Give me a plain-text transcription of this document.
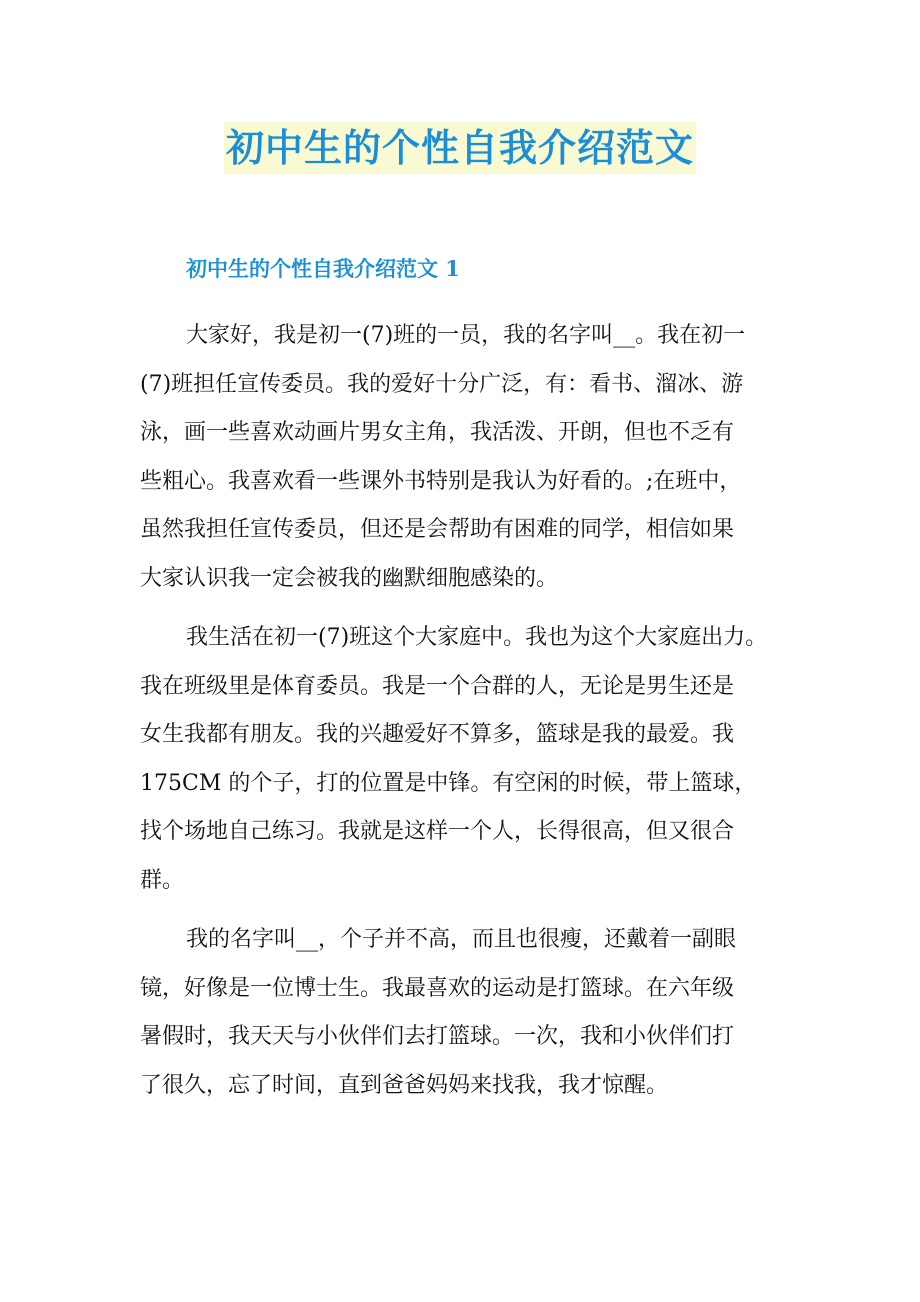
初中生的个性自我介绍范文
初中生的个性自我介绍范文 1
大家好，我是初一(7)班的一员，我的名字叫__。我在初一
(7)班担任宣传委员。我的爱好十分广泛，有：看书、溜冰、游
泳，画一些喜欢动画片男女主角，我活泼、开朗，但也不乏有
些粗心。我喜欢看一些课外书特别是我认为好看的。;在班中，
虽然我担任宣传委员，但还是会帮助有困难的同学，相信如果
大家认识我一定会被我的幽默细胞感染的。
我生活在初一(7)班这个大家庭中。我也为这个大家庭出力。
我在班级里是体育委员。我是一个合群的人，无论是男生还是
女生我都有朋友。我的兴趣爱好不算多，篮球是我的最爱。我
175CM 的个子，打的位置是中锋。有空闲的时候，带上篮球，
找个场地自己练习。我就是这样一个人，长得很高，但又很合
群。
我的名字叫__，个子并不高，而且也很瘦，还戴着一副眼
镜，好像是一位博士生。我最喜欢的运动是打篮球。在六年级
暑假时，我天天与小伙伴们去打篮球。一次，我和小伙伴们打
了很久，忘了时间，直到爸爸妈妈来找我，我才惊醒。
